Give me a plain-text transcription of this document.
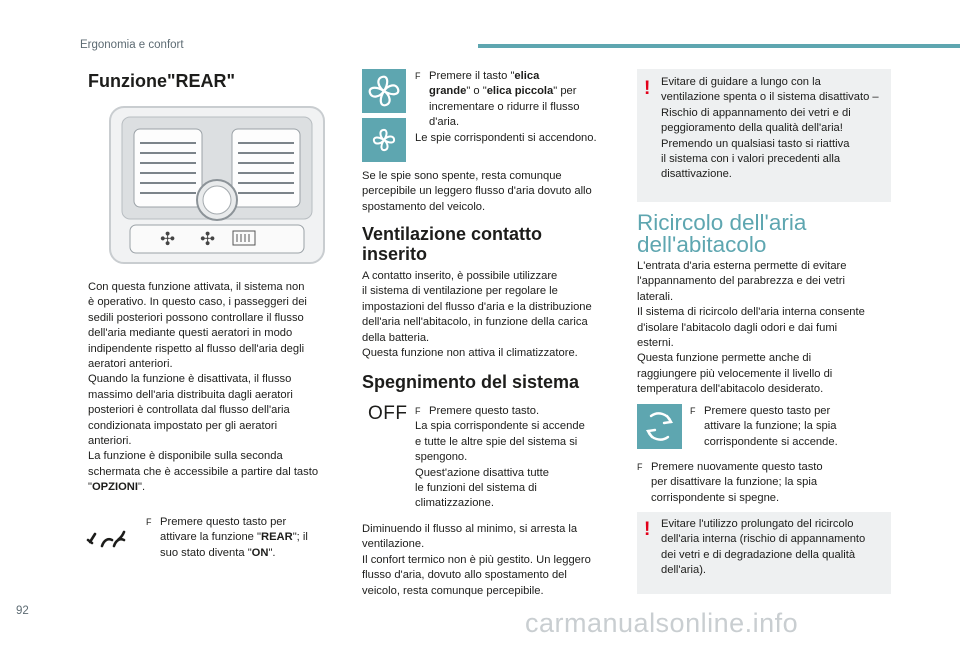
Ergonomia e confort
Funzione"REAR"
✣ ✣

Con questa funzione attivata, il sistema non

è operativo. In questo caso, i passeggeri dei

sedili posteriori possono controllare il flusso

dell'aria mediante questi aeratori in modo

indipendente rispetto al flusso dell'aria degli

aeratori anteriori.

Quando la funzione è disattivata, il flusso

massimo dell'aria distribuita dagli aeratori

posteriori è controllata dal flusso dell'aria

condizionata impostato per gli aeratori

anteriori.

La funzione è disponibile sulla seconda

schermata che è accessibile a partire dal tasto

"OPZIONI".

F Premere questo tasto per
attivare la funzione "REAR"; il
suo stato diventa "ON".
F Premere il tasto "elica
grande" o "elica piccola" per
incrementare o ridurre il flusso
d'aria.
Le spie corrispondenti si accendono.

Se le spie sono spente, resta comunque

percepibile un leggero flusso d'aria dovuto allo

spostamento del veicolo.

Ventilazione contatto
inserito

A contatto inserito, è possibile utilizzare

il sistema di ventilazione per regolare le

impostazioni del flusso d'aria e la distribuzione

dell'aria nell'abitacolo, in funzione della carica

della batteria.

Questa funzione non attiva il climatizzatore.

Spegnimento del sistema
OFF F Premere questo tasto.
La spia corrispondente si accende
e tutte le altre spie del sistema si
spengono.
Quest'azione disattiva tutte
le funzioni del sistema di
climatizzazione.

Diminuendo il flusso al minimo, si arresta la

ventilazione.

Il confort termico non è più gestito. Un leggero

flusso d'aria, dovuto allo spostamento del

veicolo, resta comunque percepibile.

! Evitare di guidare a lungo con la
ventilazione spenta o il sistema disattivato –
Rischio di appannamento dei vetri e di
peggioramento della qualità dell'aria!
Premendo un qualsiasi tasto si riattiva
il sistema con i valori precedenti alla
disattivazione.
Ricircolo dell'aria
dell'abitacolo

L'entrata d'aria esterna permette di evitare

l'appannamento del parabrezza e dei vetri

laterali.

Il sistema di ricircolo dell'aria interna consente

d'isolare l'abitacolo dagli odori e dai fumi

esterni.

Questa funzione permette anche di

raggiungere più velocemente il livello di

temperatura dell'abitacolo desiderato.

F Premere questo tasto per
attivare la funzione; la spia
corrispondente si accende.
F Premere nuovamente questo tasto
per disattivare la funzione; la spia
corrispondente si spegne.
! Evitare l'utilizzo prolungato del ricircolo
dell'aria interna (rischio di appannamento
dei vetri e di degradazione della qualità
dell'aria).
92	carmanualsonline.info
